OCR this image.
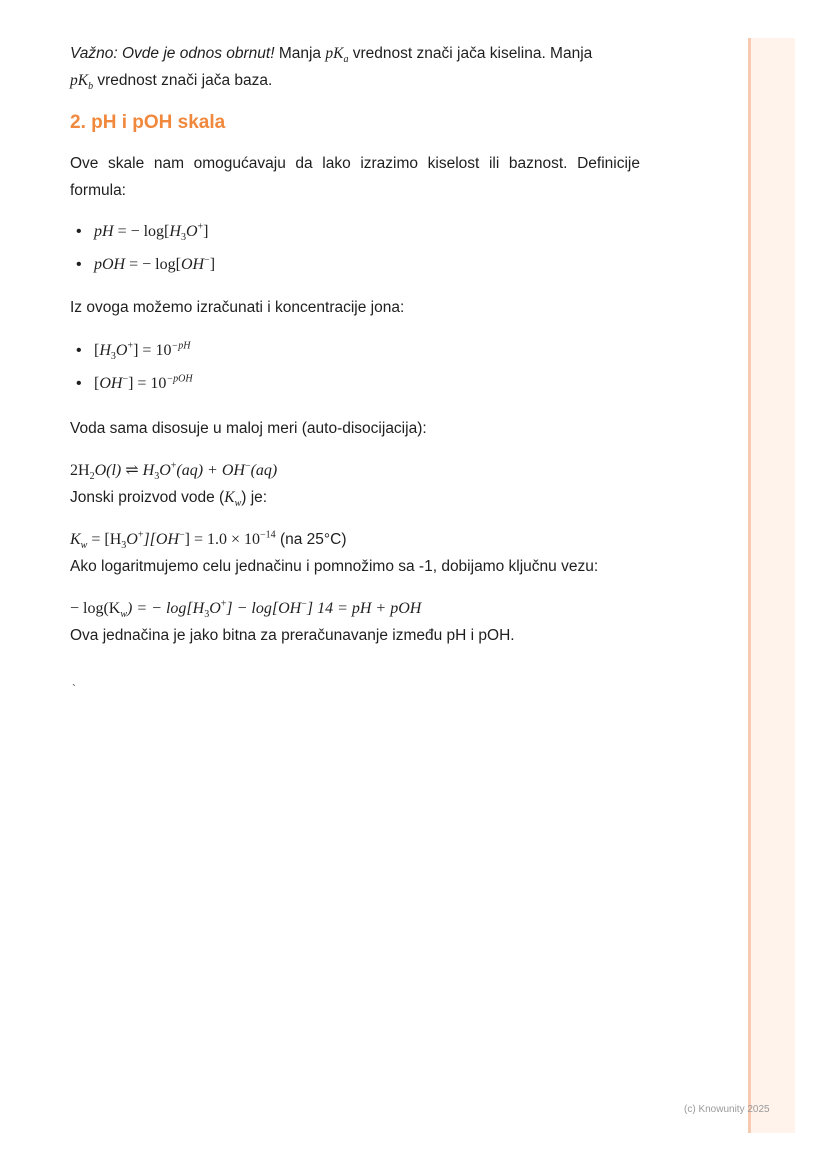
Važno: Ovde je odnos obrnut! Manja $pK_a$ vrednost znači jača kiselina. Manja
$pK_b$ vrednost znači jača baza.

2. pH i pOH skala

Ove skale nam omogućavaju da lako izrazimo kiselost ili baznost. Definicije formula:

• pH = − $\log[H_3O^+]$
• pOH = − log[OH−]

Iz ovoga možemo izračunati i koncentracije jona:

• $[H_3O^+] = 10^{-pH}$
• $[OH^-] = 10^{-pOH}$

Voda sama disosuje u maloj meri (auto-disocijacija):

$2H_2O(l)$ ⇌ $H_3O^+(aq) + OH^-(aq)$

Jonski proizvod vode $(K_w)$ je:

$K_w = [H_3O^+][OH^-] = 1.0 \times 10^{-14}$ (na 25°C)

Ako logaritmujemo celu jednačinu i pomnožimo sa -1, dobijamo ključnu vezu:

− $\log(K_w)$ = − $\log[H_3O^+] - \log[OH^-] 14$ = pH + pOH

Ova jednačina je jako bitna za preračunavanje između pH i pOH.

`
(c) Knowunity 2025
